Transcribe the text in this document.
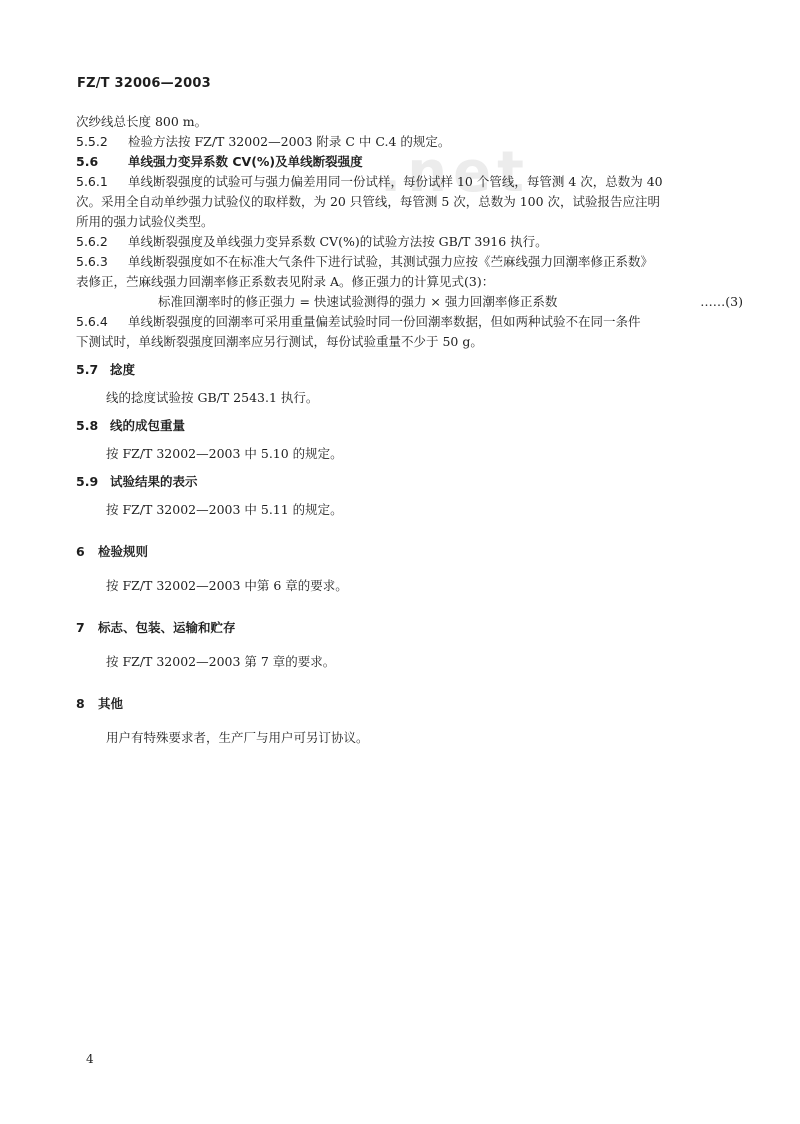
FZ/T 32006—2003
.net
次纱线总长度 800 m。
5.5.2 检验方法按 FZ/T 32002—2003 附录 C 中 C.4 的规定。
5.6 单线强力变异系数 CV(%)及单线断裂强度
5.6.1 单线断裂强度的试验可与强力偏差用同一份试样，每份试样 10 个管线，每管测 4 次，总数为 40
次。采用全自动单纱强力试验仪的取样数，为 20 只管线，每管测 5 次，总数为 100 次，试验报告应注明
所用的强力试验仪类型。
5.6.2 单线断裂强度及单线强力变异系数 CV(%)的试验方法按 GB/T 3916 执行。
5.6.3 单线断裂强度如不在标准大气条件下进行试验，其测试强力应按《苎麻线强力回潮率修正系数》
表修正，苎麻线强力回潮率修正系数表见附录 A。修正强力的计算见式(3)：
标准回潮率时的修正强力 = 快速试验测得的强力 × 强力回潮率修正系数	……(3)
5.6.4 单线断裂强度的回潮率可采用重量偏差试验时同一份回潮率数据，但如两种试验不在同一条件
下测试时，单线断裂强度回潮率应另行测试，每份试验重量不少于 50 g。
5.7 捻度
线的捻度试验按 GB/T 2543.1 执行。
5.8 线的成包重量
按 FZ/T 32002—2003 中 5.10 的规定。
5.9 试验结果的表示
按 FZ/T 32002—2003 中 5.11 的规定。
6 检验规则
按 FZ/T 32002—2003 中第 6 章的要求。
7 标志、包装、运输和贮存
按 FZ/T 32002—2003 第 7 章的要求。
8 其他
用户有特殊要求者，生产厂与用户可另订协议。
4
